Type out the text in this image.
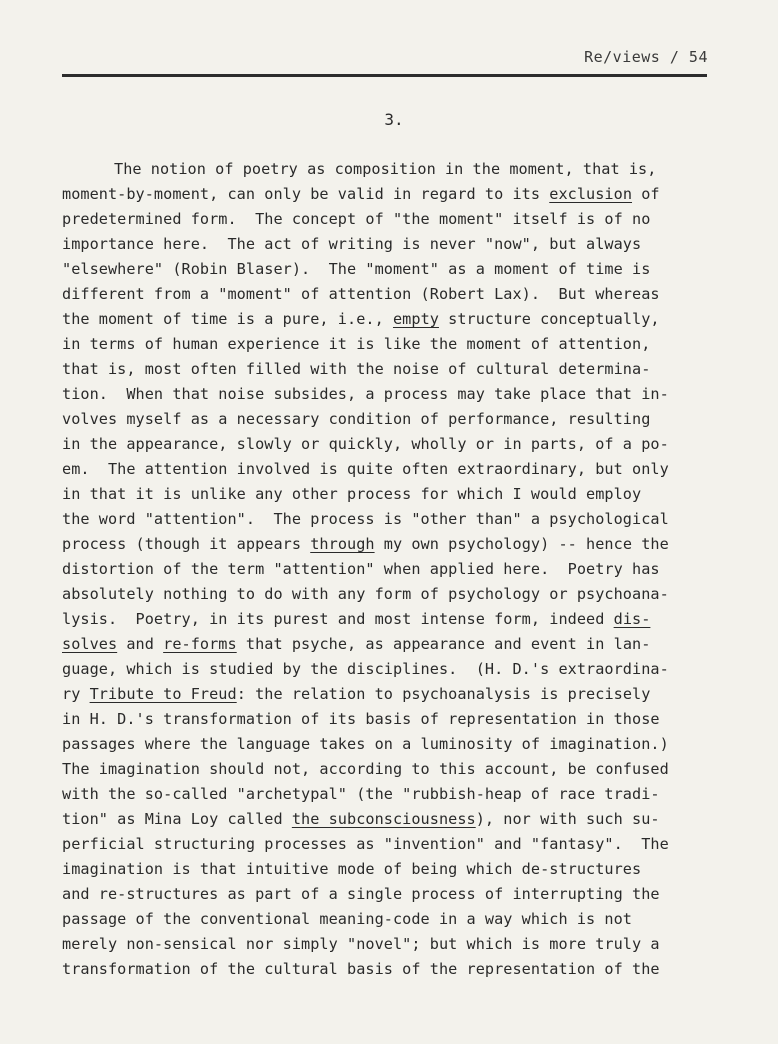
Re/views / 54
3.
The notion of poetry as composition in the moment, that is,
moment-by-moment, can only be valid in regard to its exclusion of
predetermined form.  The concept of "the moment" itself is of no
importance here.  The act of writing is never "now", but always
"elsewhere" (Robin Blaser).  The "moment" as a moment of time is
different from a "moment" of attention (Robert Lax).  But whereas
the moment of time is a pure, i.e., empty structure conceptually,
in terms of human experience it is like the moment of attention,
that is, most often filled with the noise of cultural determina-
tion.  When that noise subsides, a process may take place that in-
volves myself as a necessary condition of performance, resulting
in the appearance, slowly or quickly, wholly or in parts, of a po-
em.  The attention involved is quite often extraordinary, but only
in that it is unlike any other process for which I would employ
the word "attention".  The process is "other than" a psychological
process (though it appears through my own psychology) -- hence the
distortion of the term "attention" when applied here.  Poetry has
absolutely nothing to do with any form of psychology or psychoana-
lysis.  Poetry, in its purest and most intense form, indeed dis-
solves and re-forms that psyche, as appearance and event in lan-
guage, which is studied by the disciplines.  (H. D.'s extraordina-
ry Tribute to Freud: the relation to psychoanalysis is precisely
in H. D.'s transformation of its basis of representation in those
passages where the language takes on a luminosity of imagination.)
The imagination should not, according to this account, be confused
with the so-called "archetypal" (the "rubbish-heap of race tradi-
tion" as Mina Loy called the subconsciousness), nor with such su-
perficial structuring processes as "invention" and "fantasy".  The
imagination is that intuitive mode of being which de-structures
and re-structures as part of a single process of interrupting the
passage of the conventional meaning-code in a way which is not
merely non-sensical nor simply "novel"; but which is more truly a
transformation of the cultural basis of the representation of the
